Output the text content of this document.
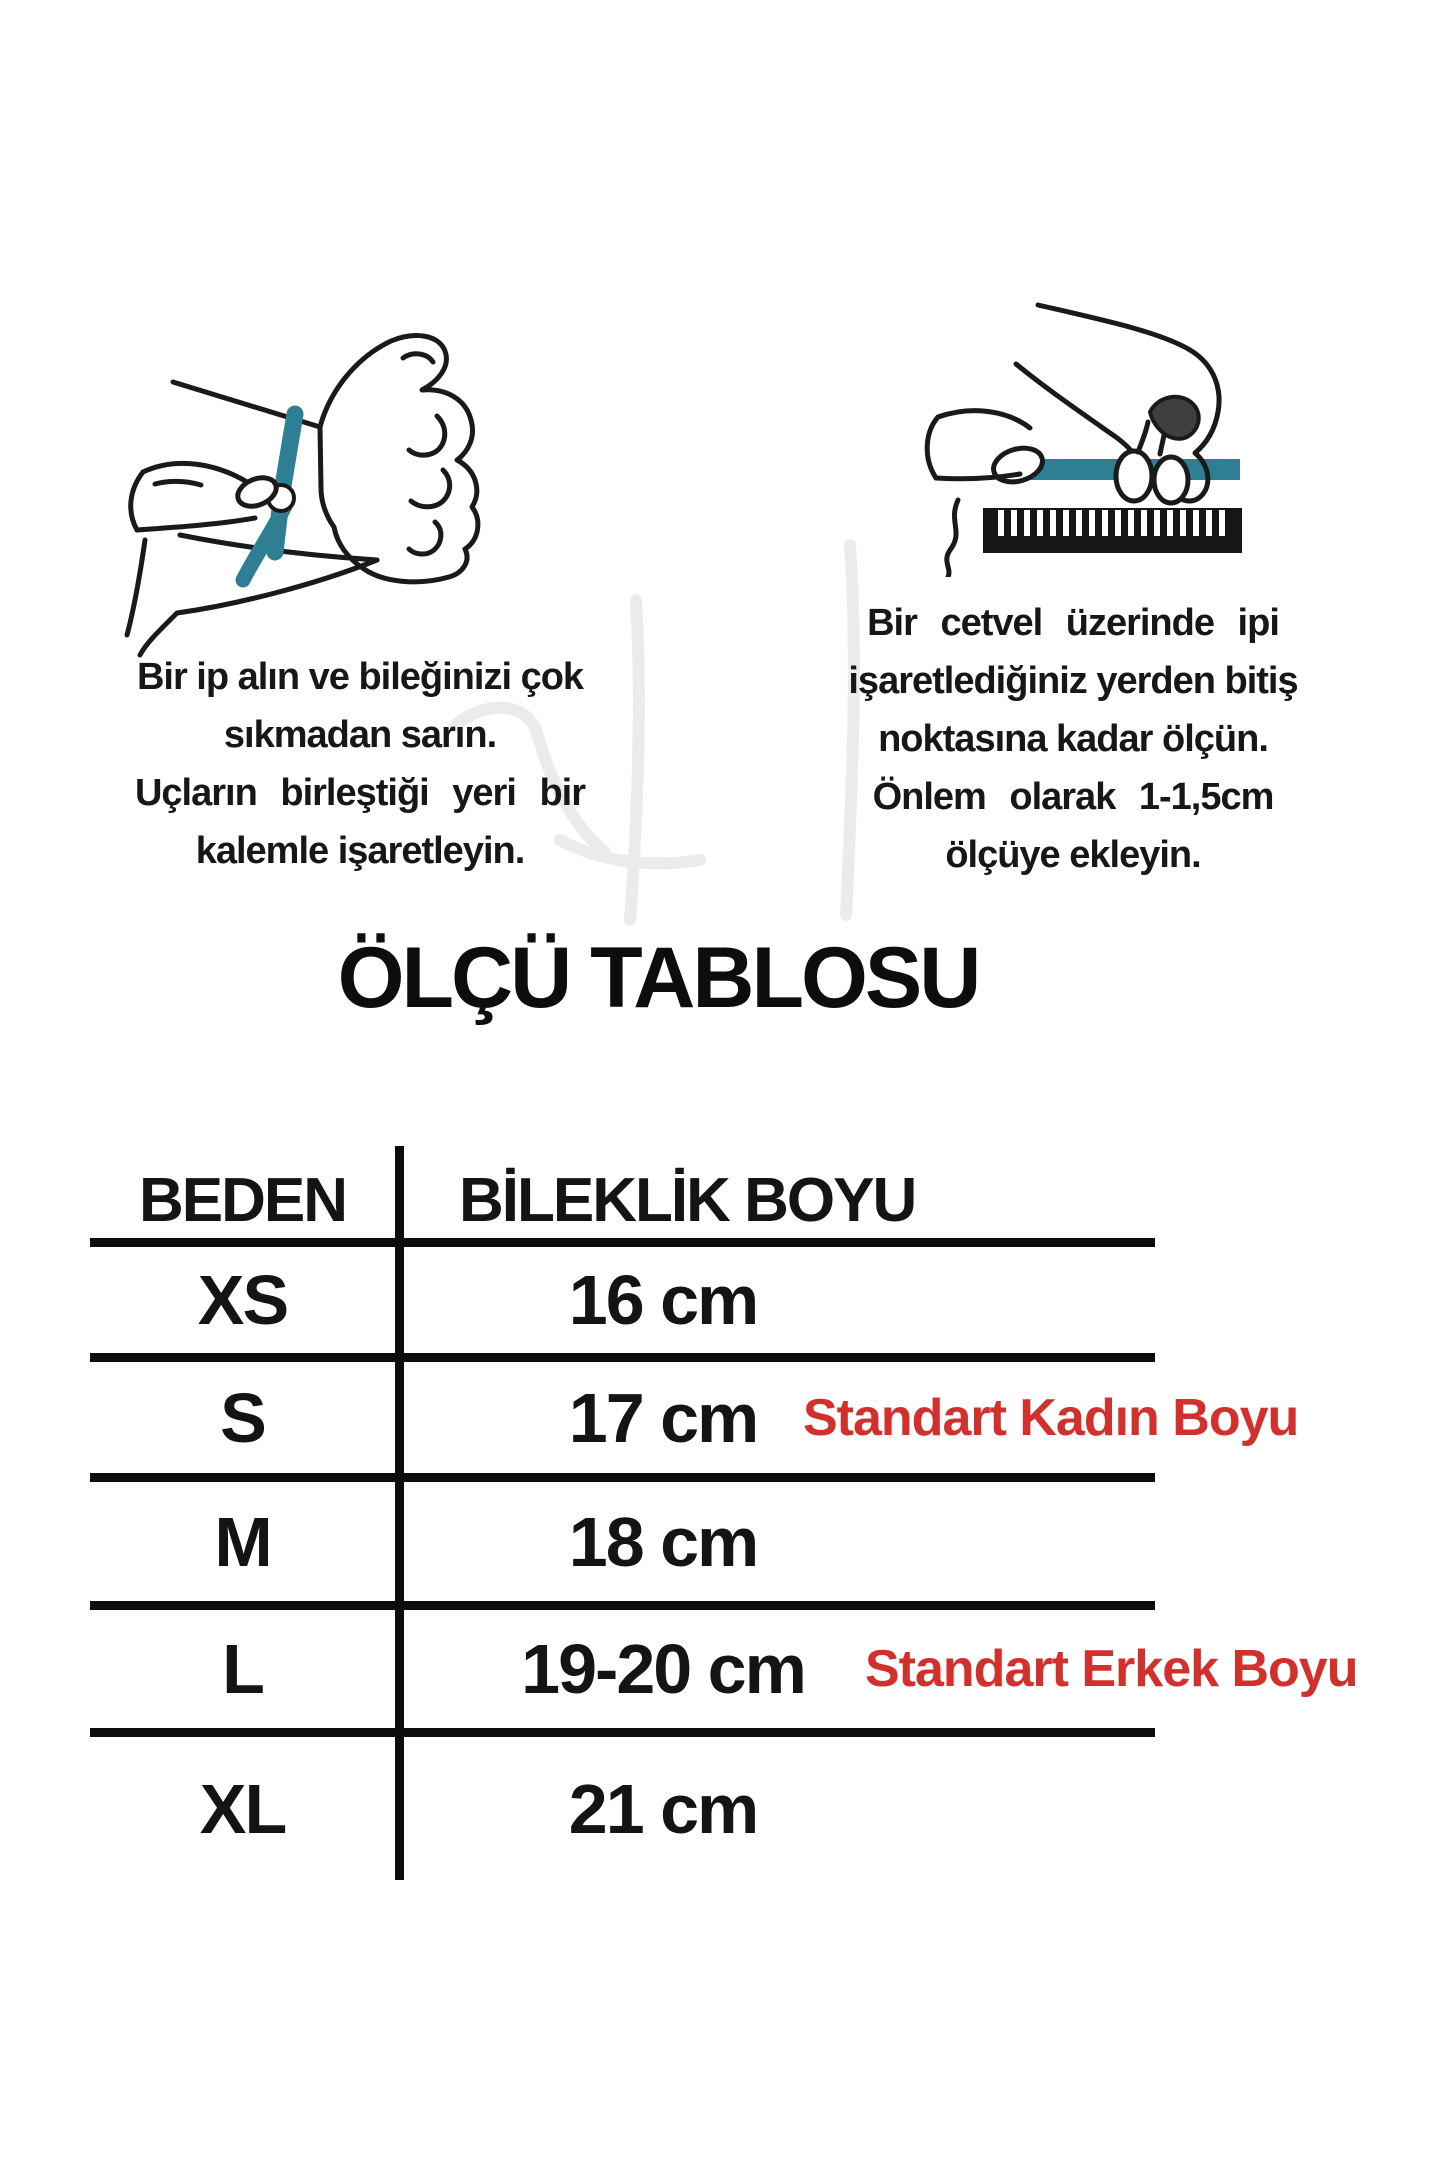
Bir ip alın ve bileğinizi çok
sıkmadan sarın.
Uçların birleştiği yeri bir
kalemle işaretleyin.
Bir cetvel üzerinde ipi
işaretlediğiniz yerden bitiş
noktasına kadar ölçün.
Önlem olarak 1-1,5cm
ölçüye ekleyin.
ÖLÇÜ TABLOSU
BEDEN	BİLEKLİK BOYU
XS	16 cm
S	17 cm Standart Kadın Boyu
M	18 cm
L	19-20 cm Standart Erkek Boyu
XL	21 cm
